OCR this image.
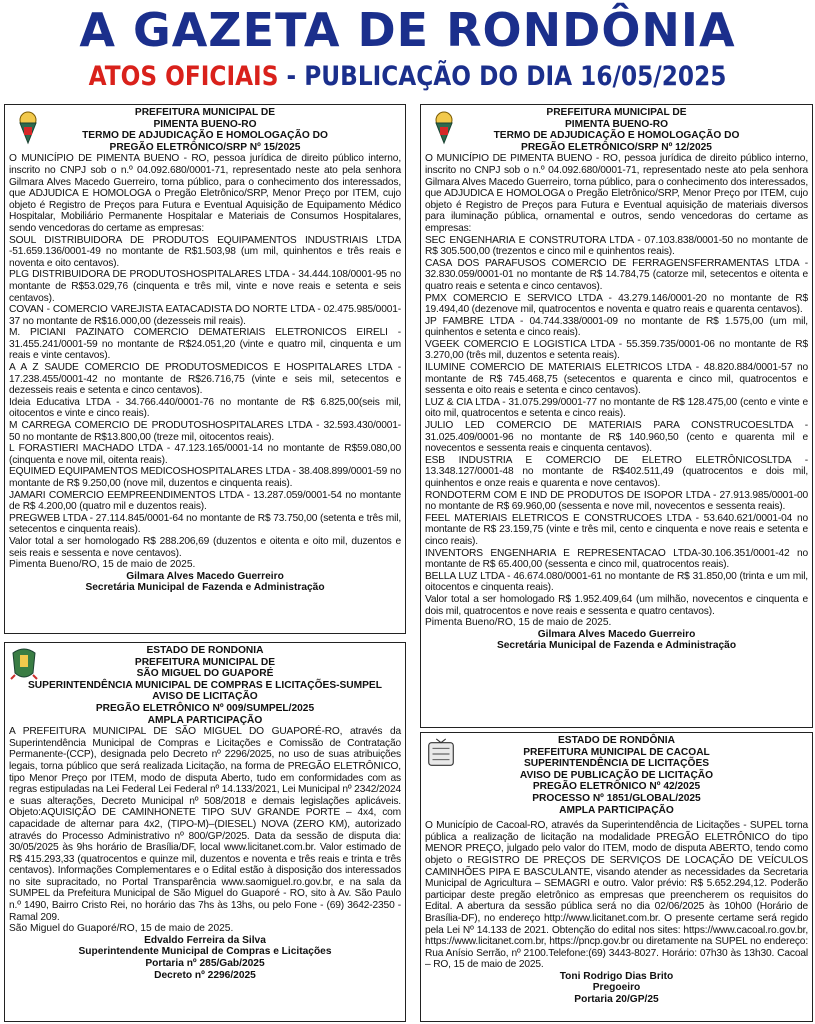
A GAZETA DE RONDÔNIA
ATOS OFICIAIS - PUBLICAÇÃO DO DIA 16/05/2025
PREFEITURA MUNICIPAL DE
PIMENTA BUENO-RO
TERMO DE ADJUDICAÇÃO E HOMOLOGAÇÃO DO
PREGÃO ELETRÔNICO/SRP Nº 15/2025

O MUNICÍPIO DE PIMENTA BUENO - RO, pessoa jurídica de direito público interno, inscrito no CNPJ sob o n.º 04.092.680/0001-71, representado neste ato pela senhora Gilmara Alves Macedo Guerreiro, torna público, para o conhecimento dos interessados, que ADJUDICA E HOMOLOGA o Pregão Eletrônico/SRP, Menor Preço por ITEM, cujo objeto é Registro de Preços para Futura e Eventual Aquisição de Equipamento Médico Hospitalar, Mobiliário Permanente Hospitalar e Materiais de Consumos Hospitalares, sendo vencedoras do certame as empresas:

SOUL DISTRIBUIDORA DE PRODUTOS EQUIPAMENTOS INDUSTRIAIS LTDA -51.659.136/0001-49 no montante de R$1.503,98 (um mil, quinhentos e três reais e noventa e oito centavos).

PLG DISTRIBUIDORA DE PRODUTOSHOSPITALARES LTDA - 34.444.108/0001-95 no montante de R$53.029,76 (cinquenta e três mil, vinte e nove reais e setenta e seis centavos).

COVAN - COMERCIO VAREJISTA EATACADISTA DO NORTE LTDA - 02.475.985/0001-37 no montante de R$16.000,00 (dezesseis mil reais).

M. PICIANI PAZINATO COMERCIO DEMATERIAIS ELETRONICOS EIRELI - 31.455.241/0001-59 no montante de R$24.051,20 (vinte e quatro mil, cinquenta e um reais e vinte centavos).

A A Z SAUDE COMERCIO DE PRODUTOSMEDICOS E HOSPITALARES LTDA - 17.238.455/0001-42 no montante de R$26.716,75 (vinte e seis mil, setecentos e dezesseis reais e setenta e cinco centavos).

Ideia Educativa LTDA - 34.766.440/0001-76 no montante de R$ 6.825,00(seis mil, oitocentos e vinte e cinco reais).

M CARREGA COMERCIO DE PRODUTOSHOSPITALARES LTDA - 32.593.430/0001-50 no montante de R$13.800,00 (treze mil, oitocentos reais).

L FORASTIERI MACHADO LTDA - 47.123.165/0001-14 no montante de R$59.080,00 (cinquenta e nove mil, oitenta reais).

EQUIMED EQUIPAMENTOS MEDICOSHOSPITALARES LTDA - 38.408.899/0001-59 no montante de R$ 9.250,00 (nove mil, duzentos e cinquenta reais).

JAMARI COMERCIO EEMPREENDIMENTOS LTDA - 13.287.059/0001-54 no montante de R$ 4.200,00 (quatro mil e duzentos reais).

PREGWEB LTDA - 27.114.845/0001-64 no montante de R$ 73.750,00 (setenta e três mil, setecentos e cinquenta reais).

Valor total a ser homologado R$ 288.206,69 (duzentos e oitenta e oito mil, duzentos e seis reais e sessenta e nove centavos).

Pimenta Bueno/RO, 15 de maio de 2025.
Gilmara Alves Macedo Guerreiro
Secretária Municipal de Fazenda e Administração
PREFEITURA MUNICIPAL DE
PIMENTA BUENO-RO
TERMO DE ADJUDICAÇÃO E HOMOLOGAÇÃO DO
PREGÃO ELETRÔNICO/SRP Nº 12/2025

O MUNICÍPIO DE PIMENTA BUENO - RO, pessoa jurídica de direito público interno, inscrito no CNPJ sob o n.º 04.092.680/0001-71, representado neste ato pela senhora Gilmara Alves Macedo Guerreiro, torna público, para o conhecimento dos interessados, que ADJUDICA E HOMOLOGA o Pregão Eletrônico/SRP, Menor Preço por ITEM, cujo objeto é Registro de Preços para Futura e Eventual aquisição de materiais diversos para iluminação pública, ornamental e outros, sendo vencedoras do certame as empresas:

SEC ENGENHARIA E CONSTRUTORA LTDA - 07.103.838/0001-50 no montante de R$ 305.500,00 (trezentos e cinco mil e quinhentos reais).

CASA DOS PARAFUSOS COMERCIO DE FERRAGENSFERRAMENTAS LTDA - 32.830.059/0001-01 no montante de R$ 14.784,75 (catorze mil, setecentos e oitenta e quatro reais e setenta e cinco centavos).

PMX COMERCIO E SERVICO LTDA - 43.279.146/0001-20 no montante de R$ 19.494,40 (dezenove mil, quatrocentos e noventa e quatro reais e quarenta centavos).

JP FAMBRE LTDA - 04.744.338/0001-09 no montante de R$ 1.575,00 (um mil, quinhentos e setenta e cinco reais).

VGEEK COMERCIO E LOGISTICA LTDA - 55.359.735/0001-06 no montante de R$ 3.270,00 (três mil, duzentos e setenta reais).

ILUMINE COMERCIO DE MATERIAIS ELETRICOS LTDA - 48.820.884/0001-57 no montante de R$ 745.468,75 (setecentos e quarenta e cinco mil, quatrocentos e sessenta e oito reais e setenta e cinco centavos).

LUZ & CIA LTDA - 31.075.299/0001-77 no montante de R$ 128.475,00 (cento e vinte e oito mil, quatrocentos e setenta e cinco reais).

JULIO LED COMERCIO DE MATERIAIS PARA CONSTRUCOESLTDA - 31.025.409/0001-96 no montante de R$ 140.960,50 (cento e quarenta mil e novecentos e sessenta reais e cinquenta centavos).

ESB INDUSTRIA E COMERCIO DE ELETRO ELETRÔNICOSLTDA - 13.348.127/0001-48 no montante de R$402.511,49 (quatrocentos e dois mil, quinhentos e onze reais e quarenta e nove centavos).

RONDOTERM COM E IND DE PRODUTOS DE ISOPOR LTDA - 27.913.985/0001-00 no montante de R$ 69.960,00 (sessenta e nove mil, novecentos e sessenta reais).

FEEL MATERIAIS ELETRICOS E CONSTRUCOES LTDA - 53.640.621/0001-04 no montante de R$ 23.159,75 (vinte e três mil, cento e cinquenta e nove reais e setenta e cinco reais).

INVENTORS ENGENHARIA E REPRESENTACAO LTDA-30.106.351/0001-42 no montante de R$ 65.400,00 (sessenta e cinco mil, quatrocentos reais).

BELLA LUZ LTDA - 46.674.080/0001-61 no montante de R$ 31.850,00 (trinta e um mil, oitocentos e cinquenta reais).

Valor total a ser homologado R$ 1.952.409,64 (um milhão, novecentos e cinquenta e dois mil, quatrocentos e nove reais e sessenta e quatro centavos).

Pimenta Bueno/RO, 15 de maio de 2025.
Gilmara Alves Macedo Guerreiro
Secretária Municipal de Fazenda e Administração
ESTADO DE RONDONIA
PREFEITURA MUNICIPAL DE
SÃO MIGUEL DO GUAPORÉ
SUPERINTENDÊNCIA MUNICIPAL DE COMPRAS E LICITAÇÕES-SUMPEL
AVISO DE LICITAÇÃO
PREGÃO ELETRÔNICO Nº 009/SUMPEL/2025
AMPLA PARTICIPAÇÃO

A PREFEITURA MUNICIPAL DE SÃO MIGUEL DO GUAPORÉ-RO, através da Superintendência Municipal de Compras e Licitações e Comissão de Contratação Permanente-(CCP), designada pelo Decreto nº 2296/2025, no uso de suas atribuições legais, torna público que será realizada Licitação, na forma de PREGÃO ELETRÔNICO, tipo Menor Preço por ITEM, modo de disputa Aberto, tudo em conformidades com as regras estipuladas na Lei Federal Lei Federal nº 14.133/2021, Lei Municipal nº 2342/2024 e suas alterações, Decreto Municipal nº 508/2018 e demais legislações aplicáveis. Objeto:AQUISIÇÃO DE CAMINHONETE TIPO SUV GRANDE PORTE – 4x4, com capacidade de alternar para 4x2, (TIPO-M)–(DIESEL) NOVA (ZERO KM), autorizado através do Processo Administrativo nº 800/GP/2025. Data da sessão de disputa dia: 30/05/2025 às 9hs horário de Brasília/DF, local www.licitanet.com.br. Valor estimado de R$ 415.293,33 (quatrocentos e quinze mil, duzentos e noventa e três reais e trinta e três centavos). Informações Complementares e o Edital estão à disposição dos interessados no site supracitado, no Portal Transparência www.saomiguel.ro.gov.br, e na sala da SUMPEL da Prefeitura Municipal de São Miguel do Guaporé - RO, sito à Av. São Paulo n.º 1490, Bairro Cristo Rei, no horário das 7hs às 13hs, ou pelo Fone - (69) 3642-2350 - Ramal 209.

São Miguel do Guaporé/RO, 15 de maio de 2025.
Edvaldo Ferreira da Silva
Superintendente Municipal de Compras e Licitações
Portaria nº 285/Gab/2025
Decreto nº 2296/2025
ESTADO DE RONDÔNIA
PREFEITURA MUNICIPAL DE CACOAL
SUPERINTENDÊNCIA DE LICITAÇÕES
AVISO DE PUBLICAÇÃO DE LICITAÇÃO
PREGÃO ELETRÔNICO Nº 42/2025
PROCESSO Nº 1851/GLOBAL/2025
AMPLA PARTICIPAÇÃO

O Município de Cacoal-RO, através da Superintendência de Licitações - SUPEL torna pública a realização de licitação na modalidade PREGÃO ELETRÔNICO do tipo MENOR PREÇO, julgado pelo valor do ITEM, modo de disputa ABERTO, tendo como objeto o REGISTRO DE PREÇOS DE SERVIÇOS DE LOCAÇÃO DE VEÍCULOS CAMINHÕES PIPA E BASCULANTE, visando atender as necessidades da Secretaria Municipal de Agricultura – SEMAGRI e outro. Valor prévio: R$ 5.652.294,12. Poderão participar deste pregão eletrônico as empresas que preencherem os requisitos do Edital. A abertura da sessão pública será no dia 02/06/2025 às 10h00 (Horário de Brasília-DF), no endereço http://www.licitanet.com.br. O presente certame será regido pela Lei Nº 14.133 de 2021. Obtenção do edital nos sites: https://www.cacoal.ro.gov.br, https://www.licitanet.com.br, https://pncp.gov.br ou diretamente na SUPEL no endereço: Rua Anísio Serrão, nº 2100.Telefone:(69) 3443-8027. Horário: 07h30 às 13h30. Cacoal – RO, 15 de maio de 2025.

Toni Rodrigo Dias Brito
Pregoeiro
Portaria 20/GP/25
